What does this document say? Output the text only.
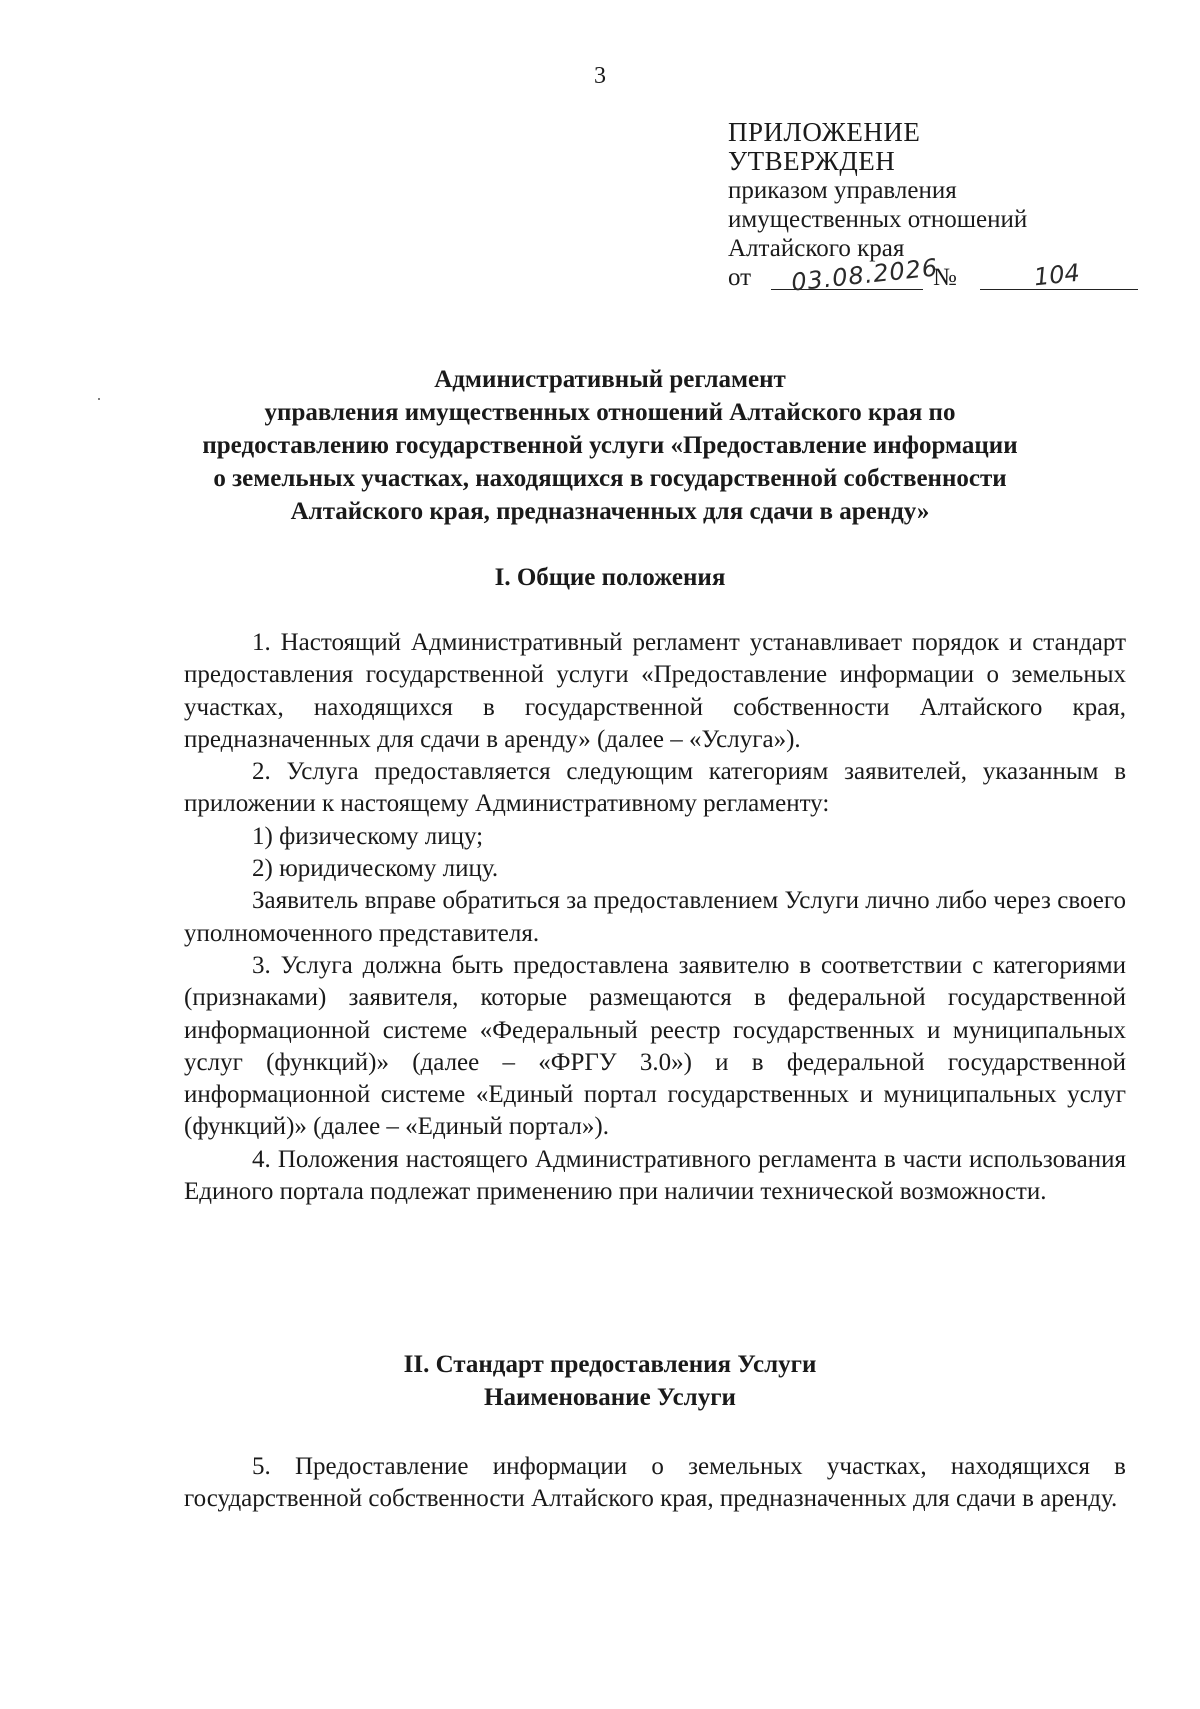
3
ПРИЛОЖЕНИЕ
УТВЕРЖДЕН
приказом управления
имущественных отношений
Алтайского края
от 03.08.2026
№	104
Административный регламент
управления имущественных отношений Алтайского края по
предоставлению государственной услуги «Предоставление информации
о земельных участках, находящихся в государственной собственности
Алтайского края, предназначенных для сдачи в аренду»
I. Общие положения

1. Настоящий Административный регламент устанавливает порядок и стандарт предоставления государственной услуги «Предоставление информации о земельных участках, находящихся в государственной собственности Алтайского края, предназначенных для сдачи в аренду» (далее – «Услуга»).

2. Услуга предоставляется следующим категориям заявителей, указанным в приложении к настоящему Административному регламенту:

1) физическому лицу;

2) юридическому лицу.

Заявитель вправе обратиться за предоставлением Услуги лично либо через своего уполномоченного представителя.

3. Услуга должна быть предоставлена заявителю в соответствии с категориями (признаками) заявителя, которые размещаются в федеральной государственной информационной системе «Федеральный реестр государственных и муниципальных услуг (функций)» (далее – «ФРГУ 3.0») и в федеральной государственной информационной системе «Единый портал государственных и муниципальных услуг (функций)» (далее – «Единый портал»).

4. Положения настоящего Административного регламента в части использования Единого портала подлежат применению при наличии технической возможности.

II. Стандарт предоставления Услуги
Наименование Услуги

5. Предоставление информации о земельных участках, находящихся в государственной собственности Алтайского края, предназначенных для сдачи в аренду.
